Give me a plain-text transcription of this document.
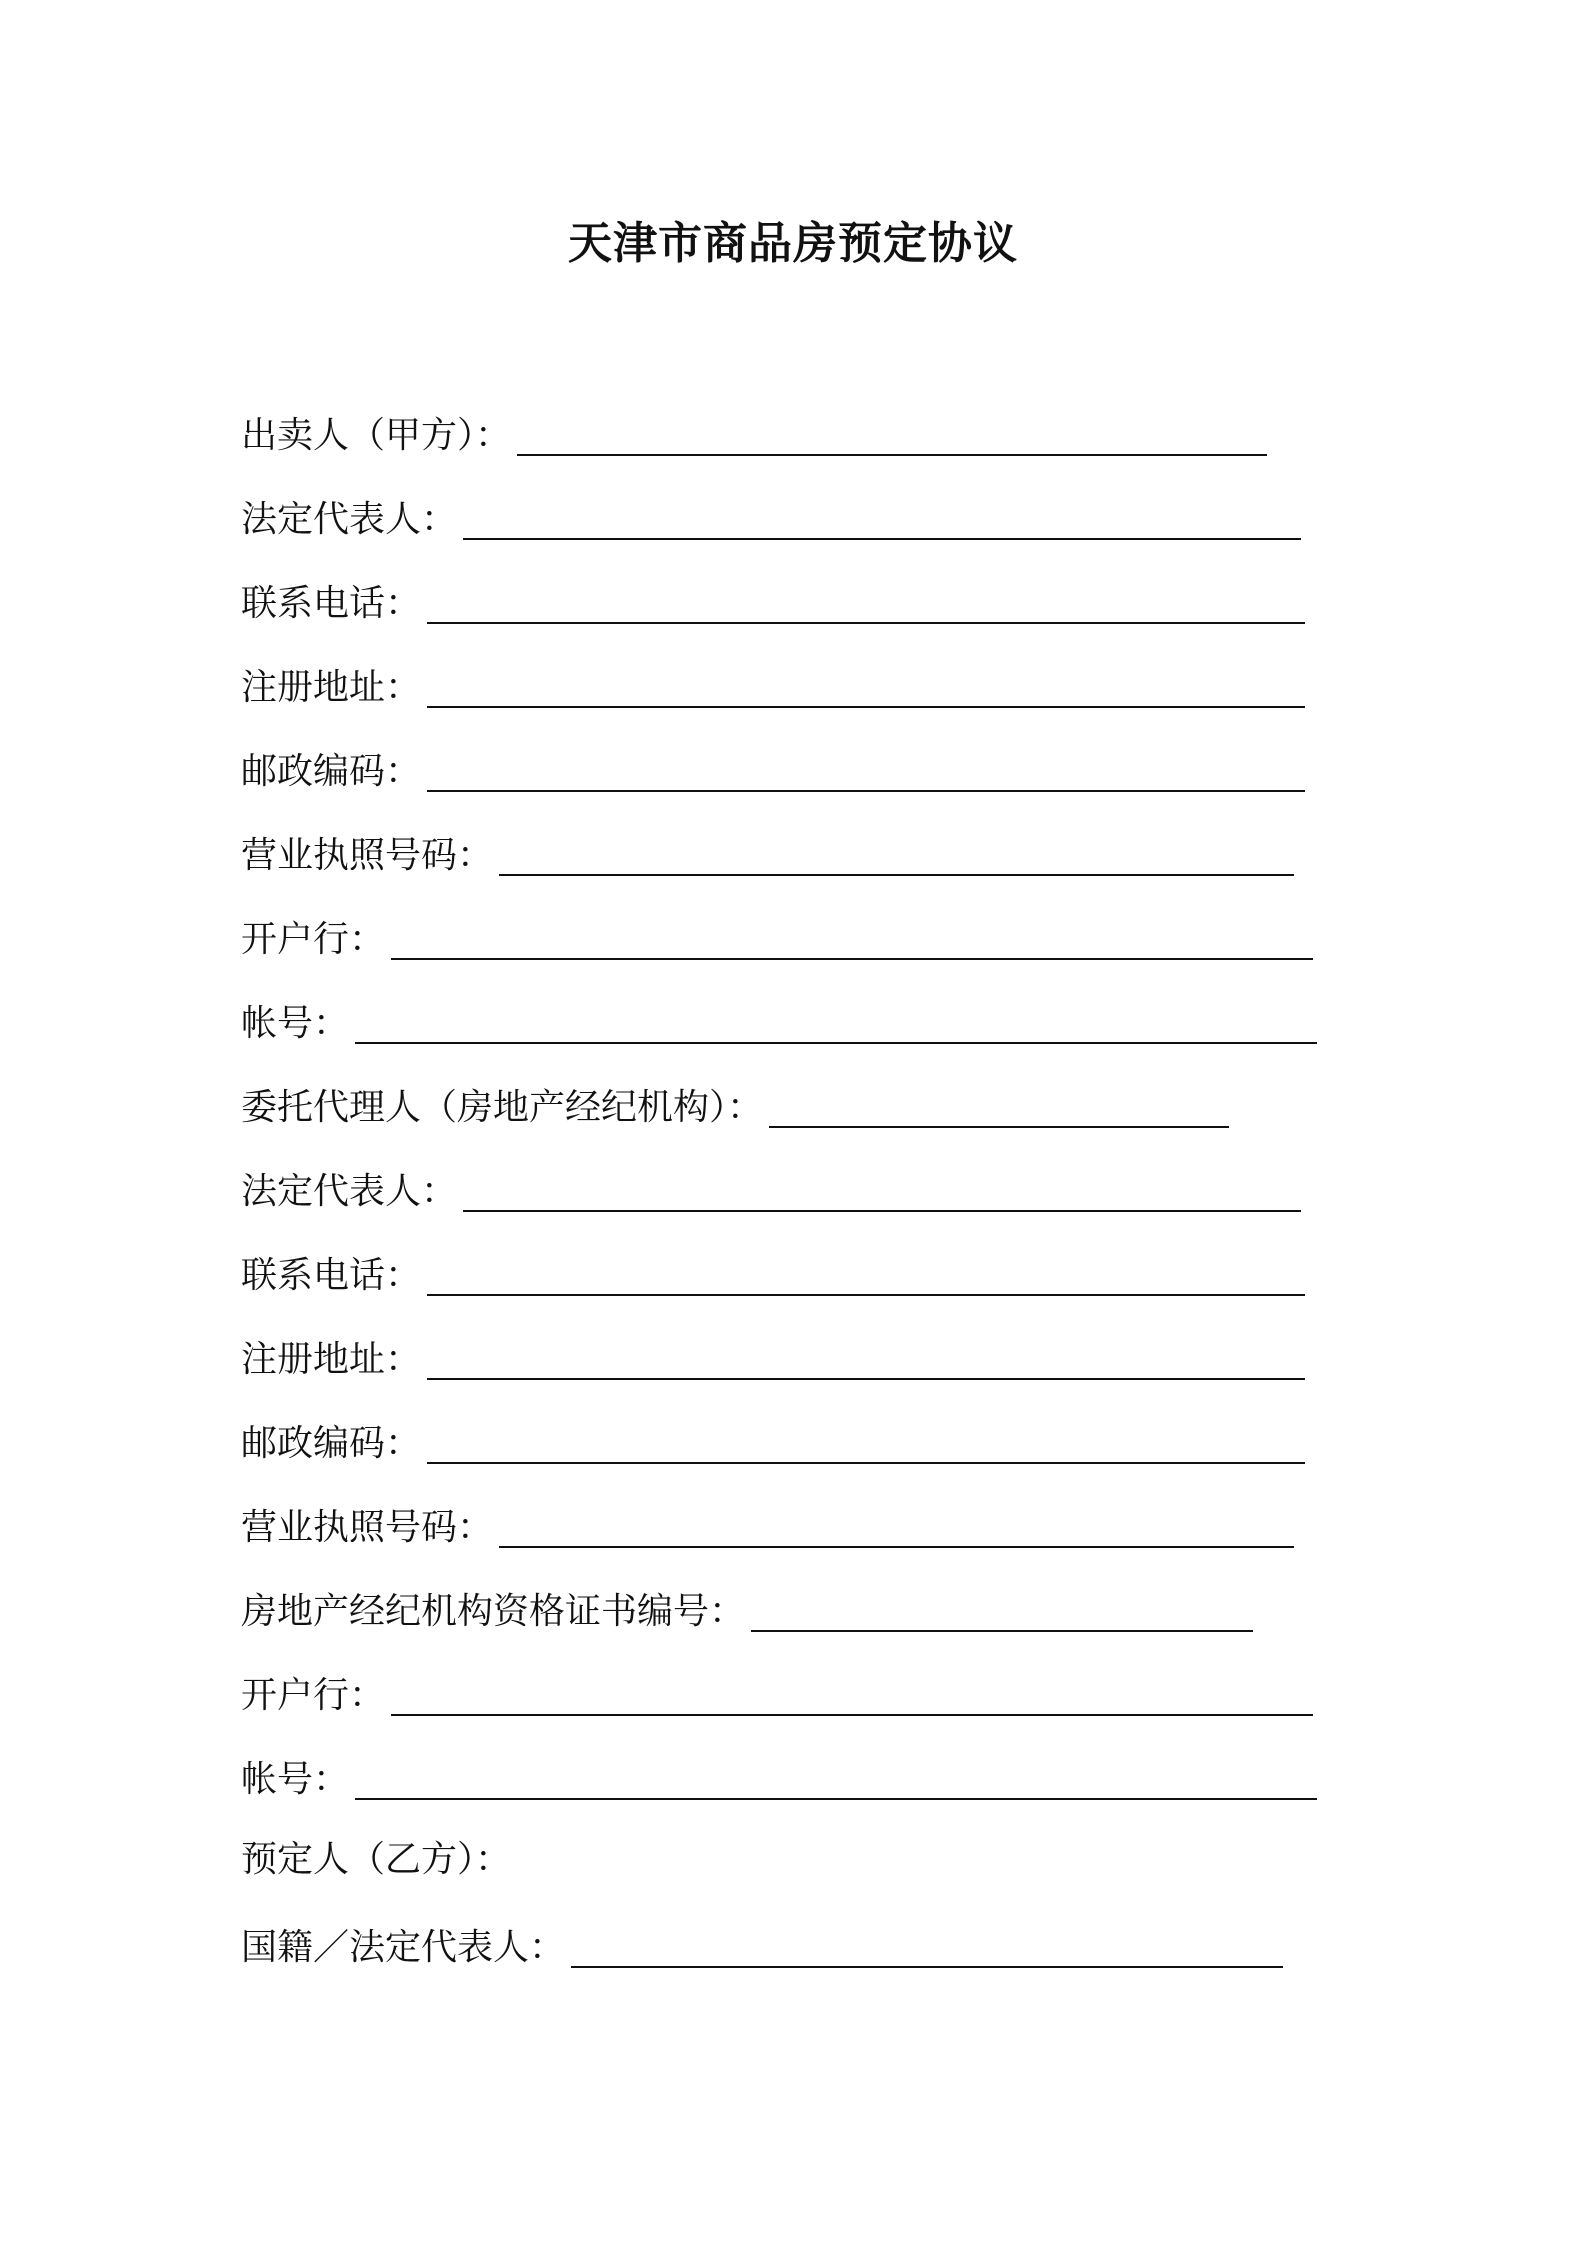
天津市商品房预定协议
出卖人（甲方）：
法定代表人：
联系电话：
注册地址：
邮政编码：
营业执照号码：
开户行：
帐号：
委托代理人（房地产经纪机构）：
法定代表人：
联系电话：
注册地址：
邮政编码：
营业执照号码：
房地产经纪机构资格证书编号：
开户行：
帐号：
预定人（乙方）：
国籍／法定代表人：
